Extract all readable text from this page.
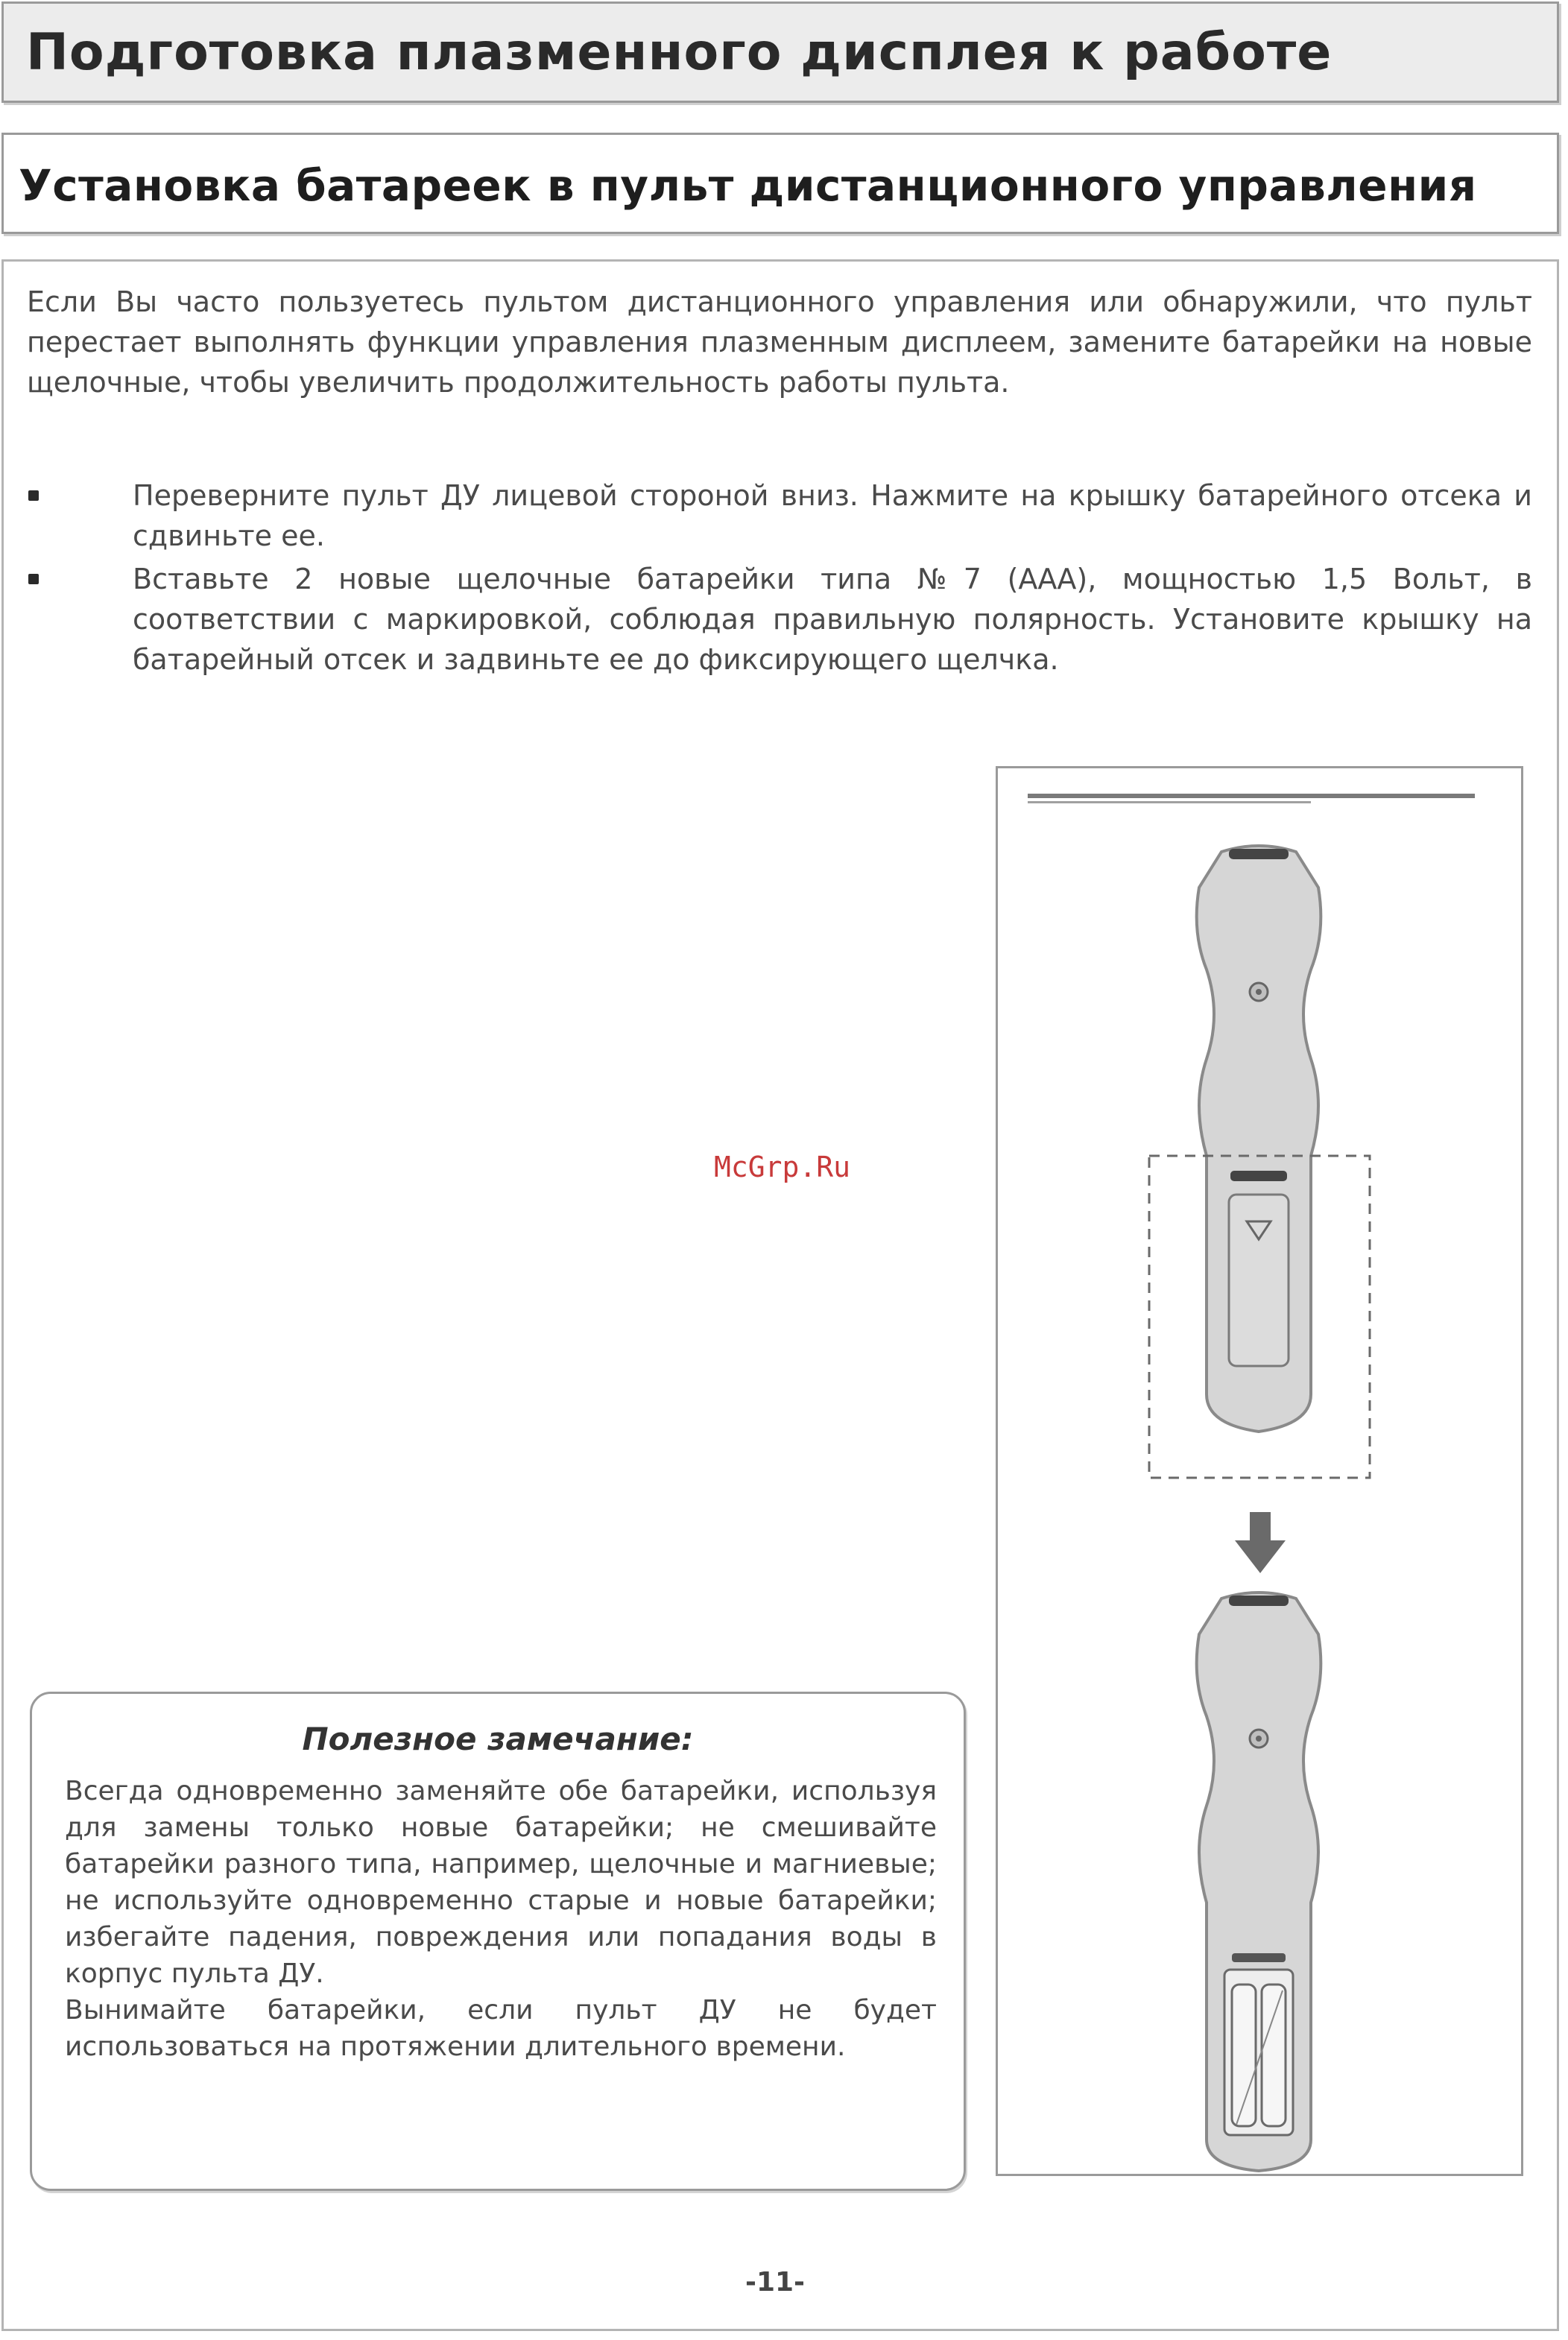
Подготовка плазменного дисплея к работе
Установка батареек в пульт дистанционного управления

Если Вы часто пользуетесь пультом дистанционного управления или обнаружили, что пульт перестает выполнять функции управления плазменным дисплеем, замените батарейки на новые щелочные, чтобы увеличить продолжительность работы пульта.

Переверните пульт ДУ лицевой стороной вниз. Нажмите на крышку батарейного отсека и сдвиньте ее.
Вставьте 2 новые щелочные батарейки типа №7 (ААА), мощностью 1,5 Вольт, в соответствии с маркировкой, соблюдая правильную полярность. Установите крышку на батарейный отсек и задвиньте ее до фиксирующего щелчка.
McGrp.Ru
Полезное замечание:

Всегда одновременно заменяйте обе батарейки, используя для замены только новые батарейки; не смешивайте батарейки разного типа, например, щелочные и магниевые; не используйте одновременно старые и новые батарейки; избегайте падения, повреждения или попадания воды в корпус пульта ДУ.

Вынимайте батарейки, если пульт ДУ не будет использоваться на протяжении длительного времени.

-11-
